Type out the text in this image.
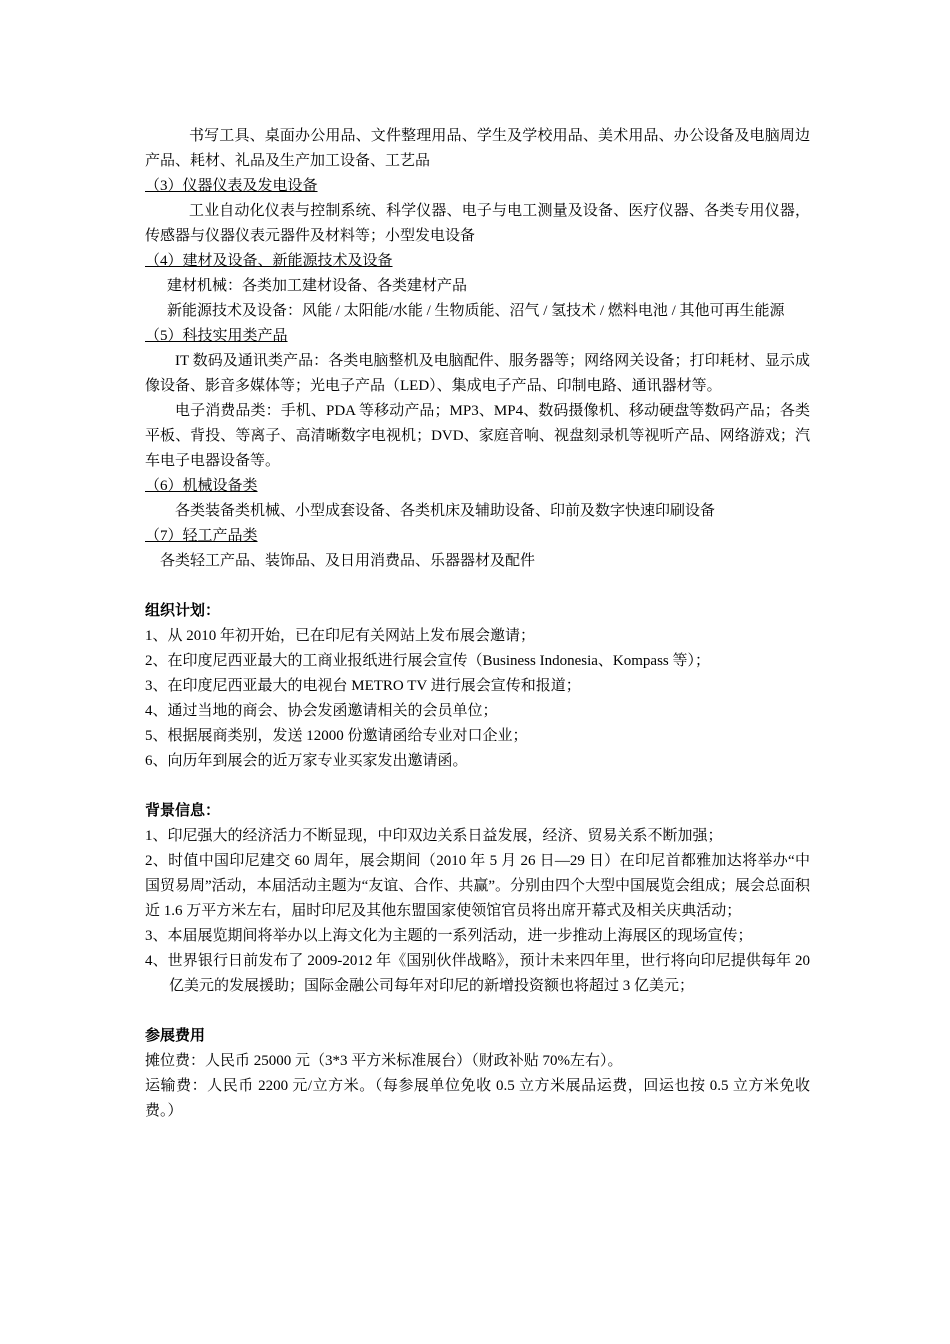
书写工具、桌面办公用品、文件整理用品、学生及学校用品、美术用品、办公设备及电脑周边产品、耗材、礼品及生产加工设备、工艺品

（3）仪器仪表及发电设备

工业自动化仪表与控制系统、科学仪器、电子与电工测量及设备、医疗仪器、各类专用仪器，传感器与仪器仪表元器件及材料等；小型发电设备

（4）建材及设备、新能源技术及设备

建材机械：各类加工建材设备、各类建材产品

新能源技术及设备：风能 / 太阳能/水能 / 生物质能、沼气 / 氢技术 / 燃料电池 / 其他可再生能源

（5）科技实用类产品

IT 数码及通讯类产品：各类电脑整机及电脑配件、服务器等；网络网关设备；打印耗材、显示成像设备、影音多媒体等；光电子产品（LED）、集成电子产品、印制电路、通讯器材等。

电子消费品类：手机、PDA 等移动产品；MP3、MP4、数码摄像机、移动硬盘等数码产品；各类平板、背投、等离子、高清晰数字电视机；DVD、家庭音响、视盘刻录机等视听产品、网络游戏；汽车电子电器设备等。

（6）机械设备类

各类装备类机械、小型成套设备、各类机床及辅助设备、印前及数字快速印刷设备

（7）轻工产品类

各类轻工产品、装饰品、及日用消费品、乐器器材及配件

组织计划：

1、从 2010 年初开始，已在印尼有关网站上发布展会邀请；

2、在印度尼西亚最大的工商业报纸进行展会宣传（Business Indonesia、Kompass 等）；

3、在印度尼西亚最大的电视台 METRO TV 进行展会宣传和报道；

4、通过当地的商会、协会发函邀请相关的会员单位；

5、根据展商类别，发送 12000 份邀请函给专业对口企业；

6、向历年到展会的近万家专业买家发出邀请函。

背景信息：

1、印尼强大的经济活力不断显现，中印双边关系日益发展，经济、贸易关系不断加强；

2、时值中国印尼建交 60 周年，展会期间（2010 年 5 月 26 日—29 日）在印尼首都雅加达将举办“中国贸易周”活动，本届活动主题为“友谊、合作、共赢”。分别由四个大型中国展览会组成；展会总面积近 1.6 万平方米左右，届时印尼及其他东盟国家使领馆官员将出席开幕式及相关庆典活动；

3、本届展览期间将举办以上海文化为主题的一系列活动，进一步推动上海展区的现场宣传；

4、世界银行日前发布了 2009-2012 年《国别伙伴战略》，预计未来四年里，世行将向印尼提供每年 20 亿美元的发展援助；国际金融公司每年对印尼的新增投资额也将超过 3 亿美元；

参展费用

摊位费：人民币 25000 元（3*3 平方米标准展台）（财政补贴 70%左右）。

运输费：人民币 2200 元/立方米。（每参展单位免收 0.5 立方米展品运费，回运也按 0.5 立方米免收费。）
